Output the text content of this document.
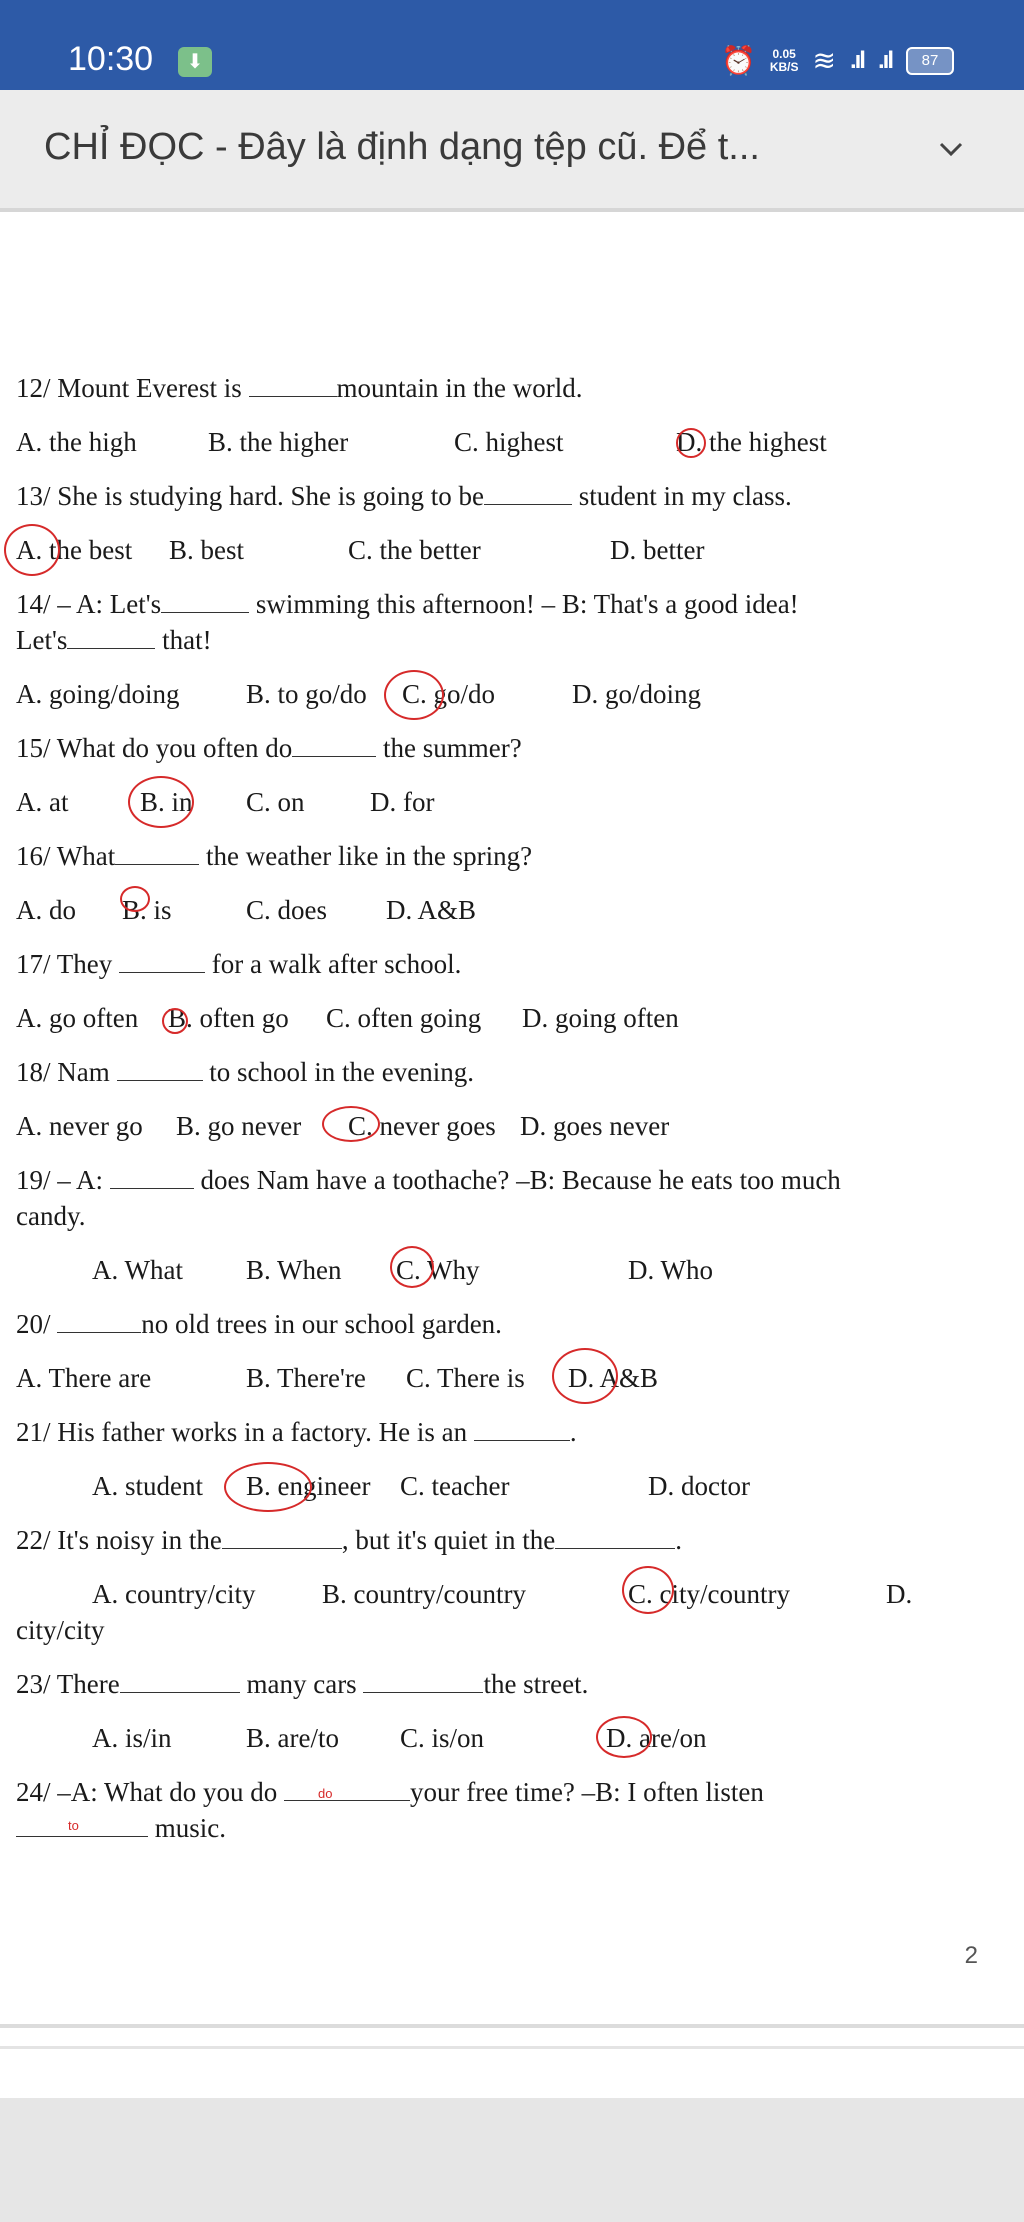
10:30	⬇	⏰ 0.05
KB/S ≋ .ıl .ıl	87
CHỈ ĐỌC - Đây là định dạng tệp cũ. Để t...
12/ Mount Everest is	mountain in the world.
A. the high	B. the higher	C. highest	D. the highest
13/ She is studying hard. She is going to be	student in my class.
A. the best B. best	C. the better	D. better
14/ – A: Let's	swimming this afternoon! – B: That's a good idea!
Let's	that!
A. going/doing B. to go/do C. go/do	D. go/doing
15/ What do you often do	the summer?
A. at	B. in C. on D. for
16/ What	the weather like in the spring?
A. do B. is	C. does D. A&B
17/ They	for a walk after school.
A. go often B. often go C. often going D. going often
18/ Nam	to school in the evening.
A. never go B. go never C. never goes D. goes never
19/ – A:	does Nam have a toothache? –B: Because he eats too much
candy.
A. What B. When C. Why	D. Who
20/	no old trees in our school garden.
A. There are	B. There're C. There is D. A&B
21/ His father works in a factory. He is an	.
A. student B. engineer C. teacher	D. doctor
22/ It's noisy in the	, but it's quiet in the	.
A. country/city B. country/country	C. city/country	D.
city/city
23/ There	many cars	the street.
A. is/in	B. are/to C. is/on	D. are/on
24/ –A: What do you do	do	your free time? –B: I often listen
to	music.
2
